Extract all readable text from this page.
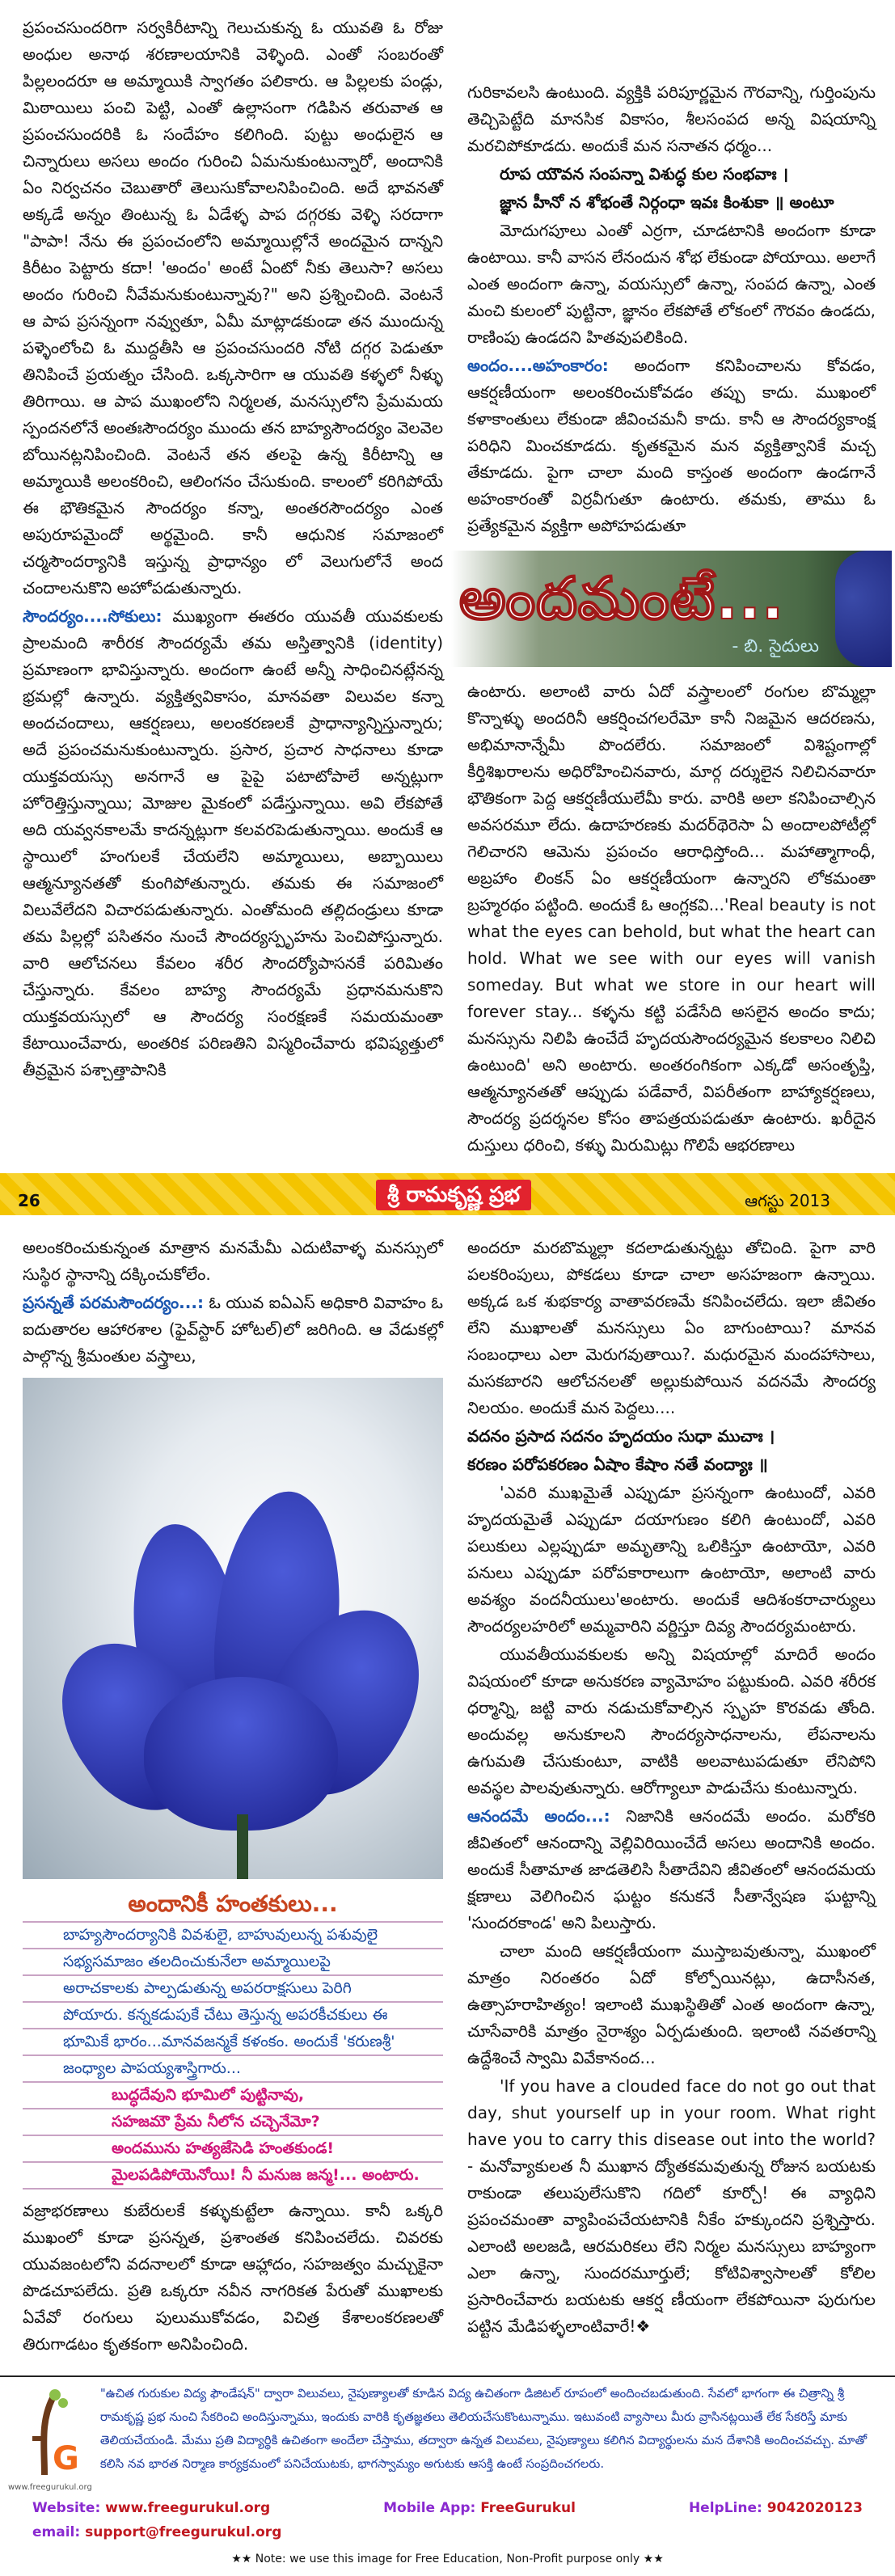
ప్రపంచసుందరిగా సర్వకిరీటాన్ని గెలుచుకున్న ఓ యువతి ఓ రోజు అంధుల అనాథ శరణాలయానికి వెళ్ళింది. ఎంతో సంబరంతో పిల్లలందరూ ఆ అమ్మాయికి స్వాగతం పలికారు. ఆ పిల్లలకు పండ్లు, మిఠాయిలు పంచి పెట్టి, ఎంతో ఉల్లాసంగా గడిపిన తరువాత ఆ ప్రపంచసుందరికి ఓ సందేహం కలిగింది. పుట్టు అంధులైన ఆ చిన్నారులు అసలు అందం గురించి ఏమనుకుంటున్నారో, అందానికి ఏం నిర్వచనం చెబుతారో తెలుసుకోవాలనిపించింది. అదే భావనతో అక్కడే అన్నం తింటున్న ఓ ఏడేళ్ళ పాప దగ్గరకు వెళ్ళి సరదాగా "పాపా! నేను ఈ ప్రపంచంలోని అమ్మాయిల్లోనే అందమైన దాన్నని కిరీటం పెట్టారు కదా! 'అందం' అంటే ఏంటో నీకు తెలుసా? అసలు అందం గురించి నీవేమనుకుంటున్నావు?" అని ప్రశ్నించింది. వెంటనే ఆ పాప ప్రసన్నంగా నవ్వుతూ, ఏమీ మాట్లాడకుండా తన ముందున్న పళ్ళెంలోంచి ఓ ముద్దతీసి ఆ ప్రపంచసుందరి నోటి దగ్గర పెడుతూ తినిపించే ప్రయత్నం చేసింది. ఒక్కసారిగా ఆ యువతి కళ్ళలో నీళ్ళు తిరిగాయి. ఆ పాప ముఖంలోని నిర్మలత, మనస్సులోని ప్రేమమయ స్పందనలోనే అంతఃసౌందర్యం ముందు తన బాహ్యసౌందర్యం వెలవెల బోయినట్లనిపించింది. వెంటనే తన తలపై ఉన్న కిరీటాన్ని ఆ అమ్మాయికి అలంకరించి, ఆలింగనం చేసుకుంది. కాలంలో కరిగిపోయే ఈ భౌతికమైన సౌందర్యం కన్నా, అంతరసౌందర్యం ఎంత అపురూపమైందో అర్థమైంది. కానీ ఆధునిక సమాజంలో చర్మసౌందర్యానికి ఇస్తున్న ప్రాధాన్యం లో వెలుగులోనే అంద చందాలనుకొని అహోపడుతున్నారు.

సౌందర్యం....సోకులు: ముఖ్యంగా ఈతరం యువతీ యువకులకు ప్రాలమంది శారీరక సౌందర్యమే తమ అస్తిత్వానికి (identity) ప్రమాణంగా భావిస్తున్నారు. అందంగా ఉంటే అన్నీ సాధించినట్లేనన్న భ్రమల్లో ఉన్నారు. వ్యక్తిత్వవికాసం, మానవతా విలువల కన్నా అందచందాలు, ఆకర్షణలు, అలంకరణలకే ప్రాధాన్యాన్నిస్తున్నారు; అదే ప్రపంచమనుకుంటున్నారు. ప్రసార, ప్రచార సాధనాలు కూడా యుక్తవయస్సు అనగానే ఆ పైపై పటాటోపాలే అన్నట్లుగా హోరెత్తిస్తున్నాయి; మోజుల మైకంలో పడేస్తున్నాయి. అవి లేకపోతే అది యవ్వనకాలమే కాదన్నట్లుగా కలవరపెడుతున్నాయి. అందుకే ఆ స్థాయిలో హంగులకే చేయలేని అమ్మాయిలు, అబ్బాయిలు ఆత్మన్యూనతతో కుంగిపోతున్నారు. తమకు ఈ సమాజంలో విలువేలేదని విచారపడుతున్నారు. ఎంతోమంది తల్లిదండ్రులు కూడా తమ పిల్లల్లో పసితనం నుంచే సౌందర్యస్పృహను పెంచిపోస్తున్నారు. వారి ఆలోచనలు కేవలం శరీర సౌందర్యోపాసనకే పరిమితం చేస్తున్నారు. కేవలం బాహ్య సౌందర్యమే ప్రధానమనుకొని యుక్తవయస్సులో ఆ సౌందర్య సంరక్షణకే సమయమంతా కేటాయించేవారు, అంతరిక పరిణతిని విస్మరించేవారు భవిష్యత్తులో తీవ్రమైన పశ్చాత్తాపానికి

గురికావలసి ఉంటుంది. వ్యక్తికి పరిపూర్ణమైన గౌరవాన్ని, గుర్తింపును తెచ్చిపెట్టేది మానసిక వికాసం, శీలసంపద అన్న విషయాన్ని మరచిపోకూడదు. అందుకే మన సనాతన ధర్మం...

రూప యౌవన సంపన్నా విశుద్ధ కుల సంభవాః ।

జ్ఞాన హీనో న శోభంతే నిర్గంధా ఇవః కింశుకా ॥ అంటూ

మోదుగపూలు ఎంతో ఎర్రగా, చూడటానికి అందంగా కూడా ఉంటాయి. కానీ వాసన లేనందున శోభ లేకుండా పోయాయి. అలాగే ఎంత అందంగా ఉన్నా, వయస్సులో ఉన్నా, సంపద ఉన్నా, ఎంత మంచి కులంలో పుట్టినా, జ్ఞానం లేకపోతే లోకంలో గౌరవం ఉండదు, రాణింపు ఉండదని హితవుపలికింది.

అందం....అహంకారం: అందంగా కనిపించాలను కోవడం, ఆకర్షణీయంగా అలంకరించుకోవడం తప్పు కాదు. ముఖంలో కళాకాంతులు లేకుండా జీవించమనీ కాదు. కానీ ఆ సౌందర్యకాంక్ష పరిధిని మించకూడదు. కృతకమైన మన వ్యక్తిత్వానికే మచ్చ తేకూడదు. పైగా చాలా మంది కాస్తంత అందంగా ఉండగానే అహంకారంతో విర్రవీగుతూ ఉంటారు. తమకు, తాము ఓ ప్రత్యేకమైన వ్యక్తిగా అపోహపడుతూ

అందమంటే...
- బి. సైదులు

ఉంటారు. అలాంటి వారు ఏదో వస్త్రాలంలో రంగుల బొమ్మల్లా కొన్నాళ్ళు అందరినీ ఆకర్షించగలరేమో కానీ నిజమైన ఆదరణను, అభిమానాన్నేమీ పొందలేరు. సమాజంలో విశిష్టంగాల్లో కీర్తిశిఖరాలను అధిరోహించినవారు, మార్గ దర్శులైన నిలిచినవారూ భౌతికంగా పెద్ద ఆకర్షణీయులేమీ కారు. వారికి అలా కనిపించాల్సిన అవసరమూ లేదు. ఉదాహరణకు మదర్‌థెరెసా ఏ అందాలపోటీల్లో గెలిచారని ఆమెను ప్రపంచం ఆరాధిస్తోంది... మహాత్మాగాంధీ, అబ్రహాం లింకన్ ఏం ఆకర్షణీయంగా ఉన్నారని లోకమంతా బ్రహ్మరథం పట్టింది. అందుకే ఓ ఆంగ్లకవి...'Real beauty is not what the eyes can behold, but what the heart can hold. What we see with our eyes will vanish someday. But what we store in our heart will forever stay... కళ్ళను కట్టి పడేసేది అసలైన అందం కాదు; మనస్సును నిలిపి ఉంచేదే హృదయసౌందర్యమైన కలకాలం నిలిచి ఉంటుంది' అని అంటారు. అంతరంగికంగా ఎక్కడో అసంతృప్తి, ఆత్మన్యూనతతో ఆప్పుడు పడేవారే, విపరీతంగా బాహ్యాకర్షణలు, సౌందర్య ప్రదర్శనల కోసం తాపత్రయపడుతూ ఉంటారు. ఖరీదైన దుస్తులు ధరించి, కళ్ళు మిరుమిట్లు గొలిపే ఆభరణాలు

26	శ్రీ రామకృష్ణ ప్రభ	ఆగస్టు 2013

అలంకరించుకున్నంత మాత్రాన మనమేమీ ఎదుటివాళ్ళ మనస్సులో సుస్థిర స్థానాన్ని దక్కించుకోలేం.

ప్రసన్నతే పరమసౌందర్యం...: ఓ యువ ఐఏఎస్ అధికారి వివాహం ఓ ఐదుతారల ఆహారశాల (ఫైవ్‌స్టార్ హోటల్)లో జరిగింది. ఆ వేడుకల్లో పాల్గొన్న శ్రీమంతుల వస్త్రాలు,

అందానికీ హంతకులు...
బాహ్యసౌందర్యానికి వివశులై, బాహువులున్న పశువులై
సభ్యసమాజం తలదించుకునేలా అమ్మాయిలపై
అరాచకాలకు పాల్పడుతున్న అపరరాక్షసులు పెరిగి
పోయారు. కన్నకడుపుకే చేటు తెస్తున్న అపరకీచకులు ఈ
భూమికే భారం...మానవజన్మకే కళంకం. అందుకే 'కరుణశ్రీ'
జంధ్యాల పాపయ్యశాస్త్రిగారు...
బుద్ధదేవుని భూమిలో పుట్టినావు,
సహజమౌ ప్రేమ నీలోన చచ్చెనేమో?
అందమును హత్యజేసెడి హంతకుండ!
మైలపడిపోయెనోయి! నీ మనుజ జన్మ!... అంటారు.

వజ్రాభరణాలు కుబేరులకే కళ్ళుకుట్టేలా ఉన్నాయి. కానీ ఒక్కరి ముఖంలో కూడా ప్రసన్నత, ప్రశాంతత కనిపించలేదు. చివరకు యువజంటలోని వదనాలలో కూడా ఆహ్లాదం, సహజత్వం మచ్చుకైనా పొడచూపలేదు. ప్రతి ఒక్కరూ నవీన నాగరికత పేరుతో ముఖాలకు ఏవేవో రంగులు పులుముకోవడం, విచిత్ర కేశాలంకరణలతో తిరుగాడటం కృతకంగా అనిపించింది.

అందరూ మరబొమ్మల్లా కదలాడుతున్నట్టు తోచింది. పైగా వారి పలకరింపులు, పోకడలు కూడా చాలా అసహజంగా ఉన్నాయి. అక్కడ ఒక శుభకార్య వాతావరణమే కనిపించలేదు. ఇలా జీవితం లేని ముఖాలతో మనస్సులు ఏం బాగుంటాయి? మానవ సంబంధాలు ఎలా మెరుగవుతాయి?. మధురమైన మందహాసాలు, మసకబారని ఆలోచనలతో అల్లుకుపోయిన వదనమే సౌందర్య నిలయం. అందుకే మన పెద్దలు....

వదనం ప్రసాద సదనం హృదయం సుధా ముచాః ।

కరణం పరోపకరణం ఏషాం కేషాం నతే వంద్యాః ॥

'ఎవరి ముఖమైతే ఎప్పుడూ ప్రసన్నంగా ఉంటుందో, ఎవరి హృదయమైతే ఎప్పుడూ దయాగుణం కలిగి ఉంటుందో, ఎవరి పలుకులు ఎల్లప్పుడూ అమృతాన్ని ఒలికిస్తూ ఉంటాయో, ఎవరి పనులు ఎప్పుడూ పరోపకారాలుగా ఉంటాయో, అలాంటి వారు అవశ్యం వందనీయులు'అంటారు. అందుకే ఆదిశంకరాచార్యులు సౌందర్యలహరిలో అమ్మవారిని వర్ణిస్తూ దివ్య సౌందర్యమంటారు.

యువతీయువకులకు అన్ని విషయాల్లో మాదిరే అందం విషయంలో కూడా అనుకరణ వ్యామోహం పట్టుకుంది. ఎవరి శరీరక ధర్మాన్ని, జట్టి వారు నడుచుకోవాల్సిన స్పృహ కొరవడు తోంది. అందువల్ల అనుకూలని సౌందర్యసాధనాలను, లేపనాలను ఉగుమతి చేసుకుంటూ, వాటికి అలవాటుపడుతూ లేనిపోని అవస్థల పాలవుతున్నారు. ఆరోగ్యాలూ పాడుచేసు కుంటున్నారు.

ఆనందమే అందం...: నిజానికి ఆనందమే అందం. మరోకరి జీవితంలో ఆనందాన్ని వెల్లివిరియించేదే అసలు అందానికి అందం. అందుకే సీతామాత జాడతెలిసి సీతాదేవిని జీవితంలో ఆనందమయ క్షణాలు వెలిగించిన ఘట్టం కనుకనే సీతాన్వేషణ ఘట్టాన్ని 'సుందరకాండ' అని పిలుస్తారు.

చాలా మంది ఆకర్షణీయంగా ముస్తాబవుతున్నా, ముఖంలో మాత్రం నిరంతరం ఏదో కోల్పోయినట్లు, ఉదాసీనత, ఉత్సాహరాహిత్యం! ఇలాంటి ముఖస్థితితో ఎంత అందంగా ఉన్నా, చూసేవారికి మాత్రం నైరాశ్యం ఏర్పడుతుంది. ఇలాంటి నవతరాన్ని ఉద్దేశించే స్వామి వివేకానంద...

'If you have a clouded face do not go out that day, shut yourself up in your room. What right have you to carry this disease out into the world? - మనోవ్యాకులత నీ ముఖాన ద్యోతకమవుతున్న రోజున బయటకు రాకుండా తలుపులేసుకొని గదిలో కూర్చో! ఈ వ్యాధిని ప్రపంచమంతా వ్యాపింపచేయటానికి నీకేం హక్కుందని ప్రశ్నిస్తారు. ఎలాంటి అలజడి, ఆరమరికలు లేని నిర్మల మనస్సులు బాహ్యంగా ఎలా ఉన్నా, సుందరమూర్తులే; కోటివిశ్వాసాలతో కోలిల ప్రసారించేవారు బయటకు ఆకర్ష ణీయంగా లేకపోయినా పురుగుల పట్టిన మేడిపళ్ళలాంటివారే!❖

G
www.freegurukul.org
"ఉచిత గురుకుల విద్య ఫౌండేషన్" ద్వారా విలువలు, నైపుణ్యాలతో కూడిన విద్య ఉచితంగా డిజిటల్ రూపంలో అందించబడుతుంది. సేవలో భాగంగా ఈ చిత్రాన్ని శ్రీ రామకృష్ణ ప్రభ నుంచి సేకరించి అందిస్తున్నాము, ఇందుకు వారికి కృతజ్ఞతలు తెలియచేసుకొంటున్నాము. ఇటువంటి వ్యాసాలు మీరు వ్రాసినట్లయితే లేక సేకరిస్తే మాకు తెలియచేయండి. మేము ప్రతి విద్యార్థికి ఉచితంగా అందేలా చేస్తాము, తద్వారా ఉన్నత విలువలు, నైపుణ్యాలు కలిగిన విద్యార్థులను మన దేశానికి అందించవచ్చు. మాతో కలిసి నవ భారత నిర్మాణ కార్యక్రమంలో పనిచేయుటకు, భాగస్వామ్యం అగుటకు ఆసక్తి ఉంటే సంప్రదించగలరు.
Website: www.freegurukul.org	Mobile App: FreeGurukul	HelpLine: 9042020123
email: support@freegurukul.org
★★ Note: we use this image for Free Education, Non-Profit purpose only ★★
